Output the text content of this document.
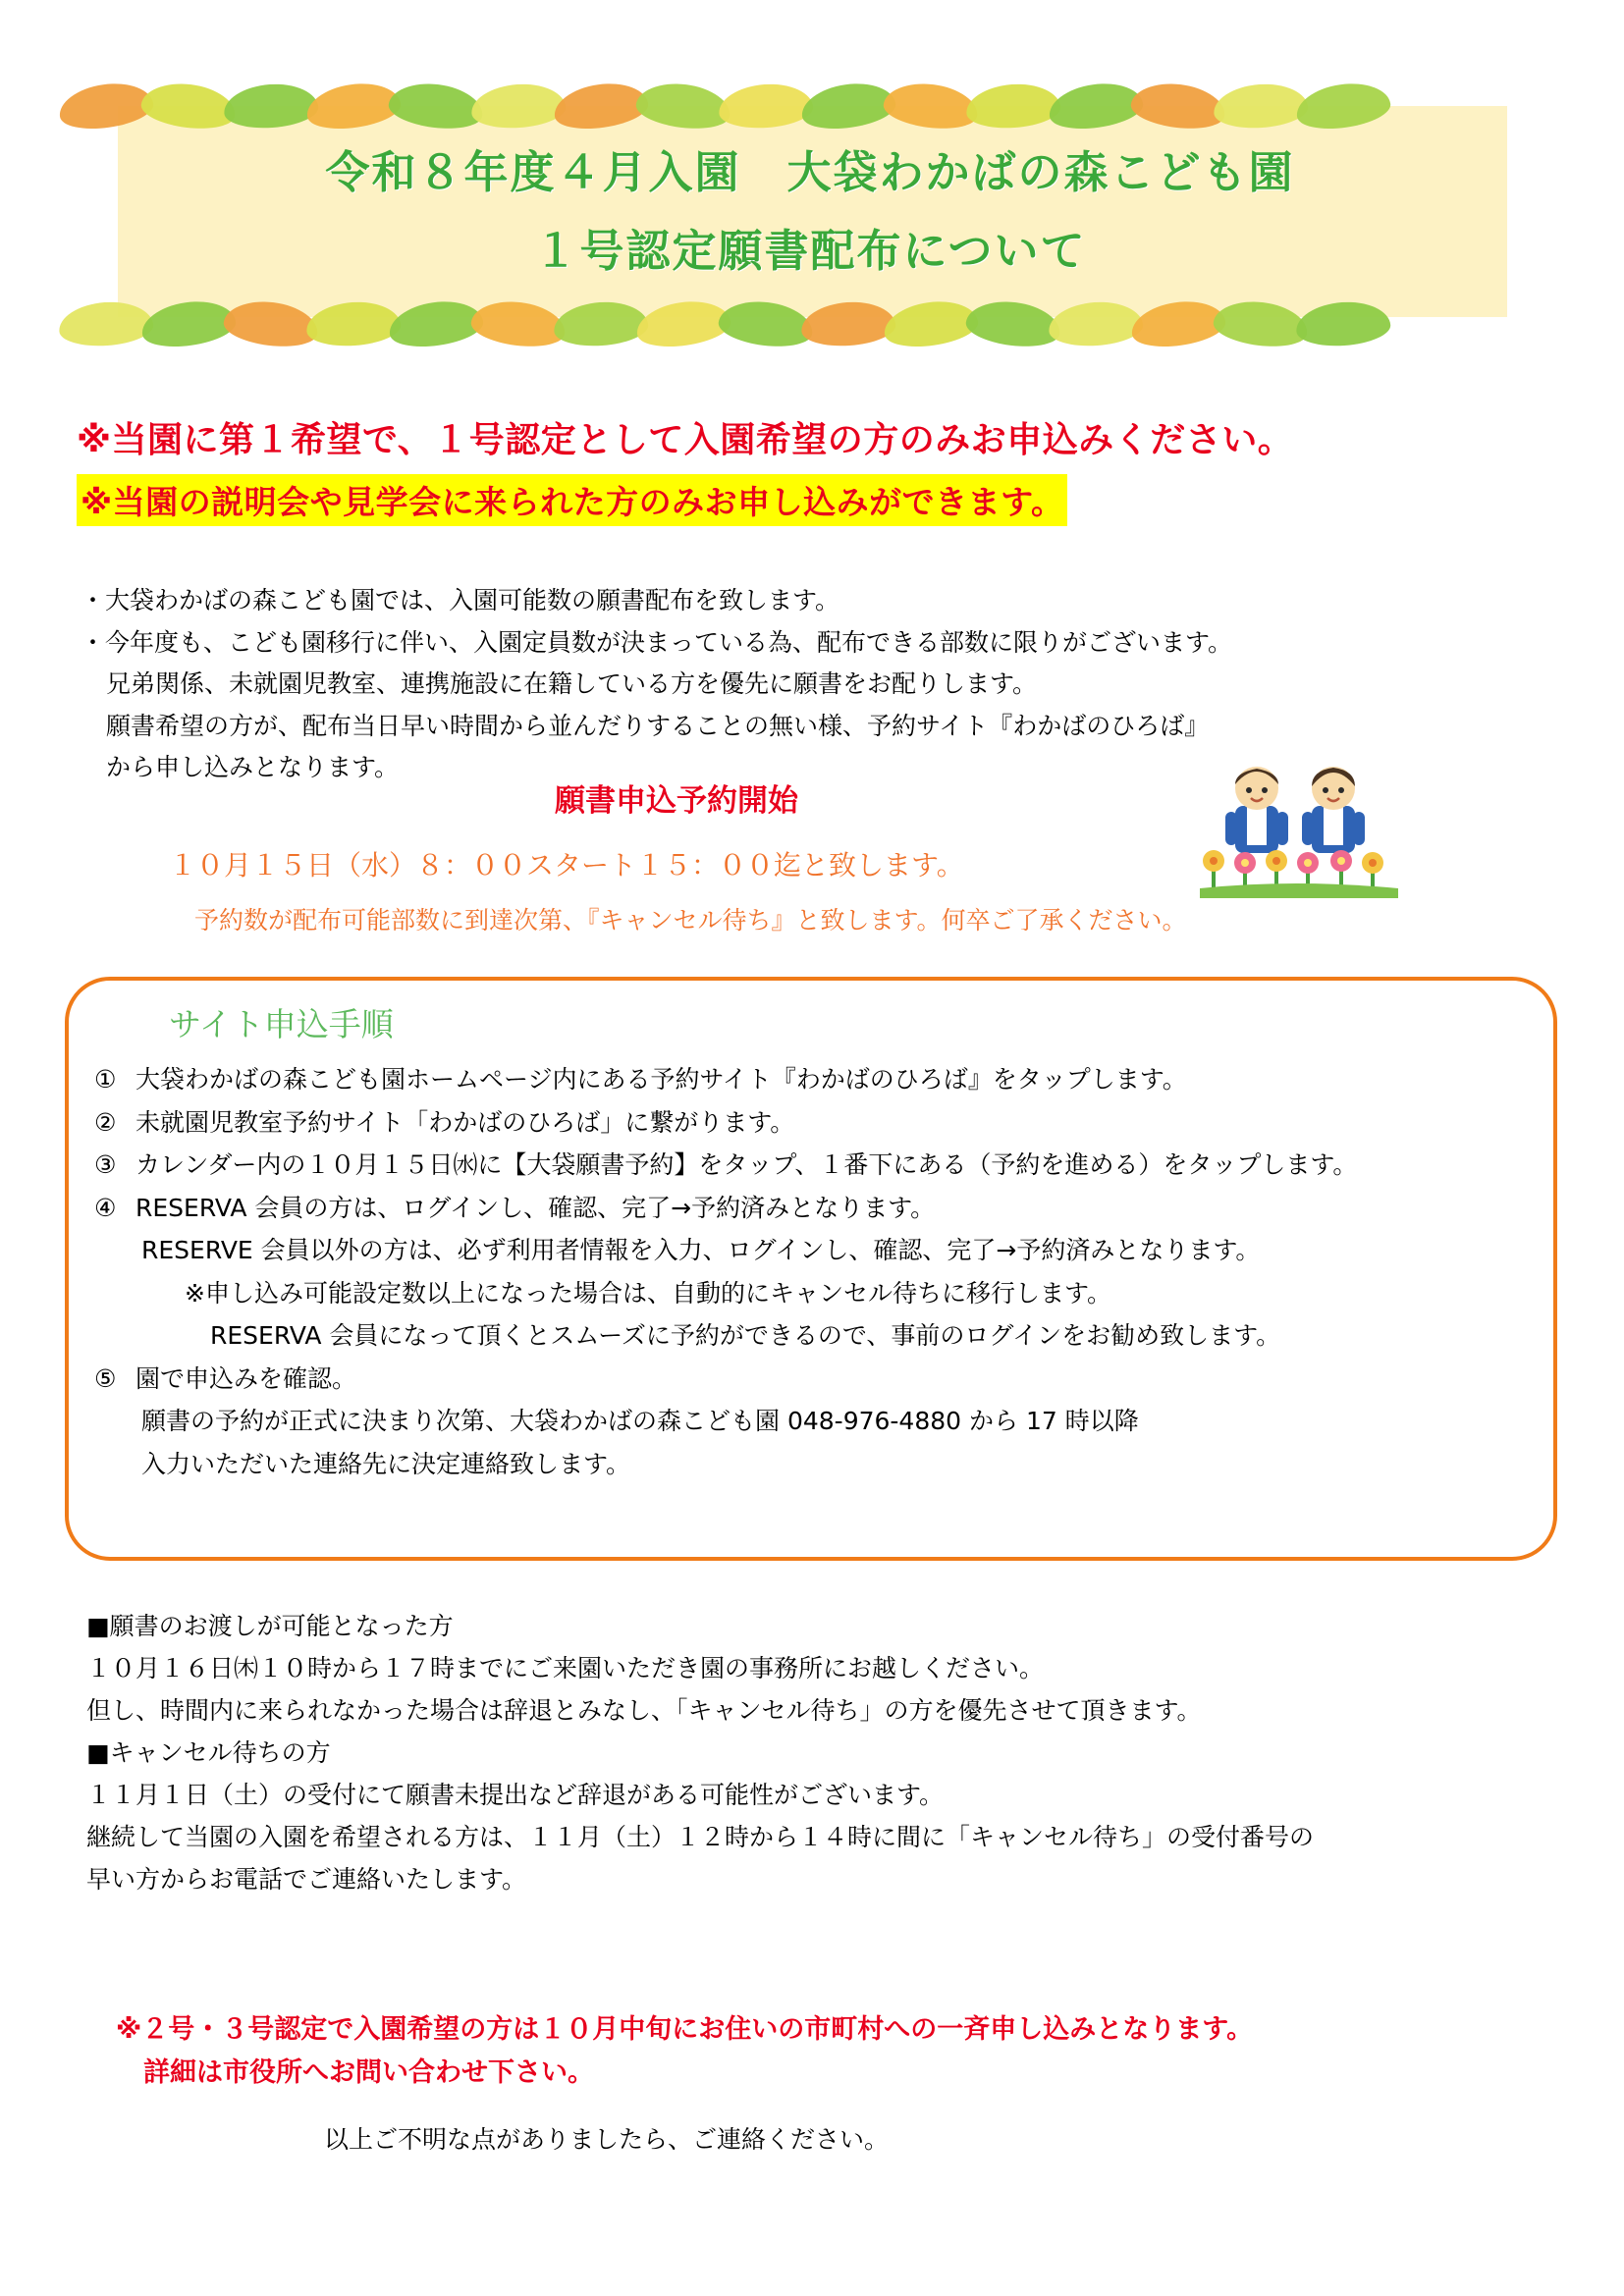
令和８年度４月入園　大袋わかばの森こども園
１号認定願書配布について
※当園に第１希望で、１号認定として入園希望の方のみお申込みください。
※当園の説明会や見学会に来られた方のみお申し込みができます。

・大袋わかばの森こども園では、入園可能数の願書配布を致します。

・今年度も、こども園移行に伴い、入園定員数が決まっている為、配布できる部数に限りがございます。

兄弟関係、未就園児教室、連携施設に在籍している方を優先に願書をお配りします。

願書希望の方が、配布当日早い時間から並んだりすることの無い様、予約サイト『わかばのひろば』

から申し込みとなります。

願書申込予約開始
１０月１５日（水）８：００スタート１５：００迄と致します。
予約数が配布可能部数に到達次第、『キャンセル待ち』と致します。何卒ご了承ください。
サイト申込手順
① 大袋わかばの森こども園ホームページ内にある予約サイト『わかばのひろば』をタップします。
② 未就園児教室予約サイト「わかばのひろば」に繋がります。
③ カレンダー内の１０月１５日㈬に【大袋願書予約】をタップ、１番下にある（予約を進める）をタップします。
④ RESERVA 会員の方は、ログインし、確認、完了→予約済みとなります。
RESERVE 会員以外の方は、必ず利用者情報を入力、ログインし、確認、完了→予約済みとなります。
※申し込み可能設定数以上になった場合は、自動的にキャンセル待ちに移行します。
RESERVA 会員になって頂くとスムーズに予約ができるので、事前のログインをお勧め致します。
⑤ 園で申込みを確認。
願書の予約が正式に決まり次第、大袋わかばの森こども園 048-976-4880 から 17 時以降
入力いただいた連絡先に決定連絡致します。

■願書のお渡しが可能となった方

１０月１６日㈭１０時から１７時までにご来園いただき園の事務所にお越しください。

但し、時間内に来られなかった場合は辞退とみなし、「キャンセル待ち」の方を優先させて頂きます。

■キャンセル待ちの方

１１月１日（土）の受付にて願書未提出など辞退がある可能性がございます。

継続して当園の入園を希望される方は、１１月（土）１２時から１４時に間に「キャンセル待ち」の受付番号の

早い方からお電話でご連絡いたします。

※２号・３号認定で入園希望の方は１０月中旬にお住いの市町村への一斉申し込みとなります。
詳細は市役所へお問い合わせ下さい。
以上ご不明な点がありましたら、ご連絡ください。
